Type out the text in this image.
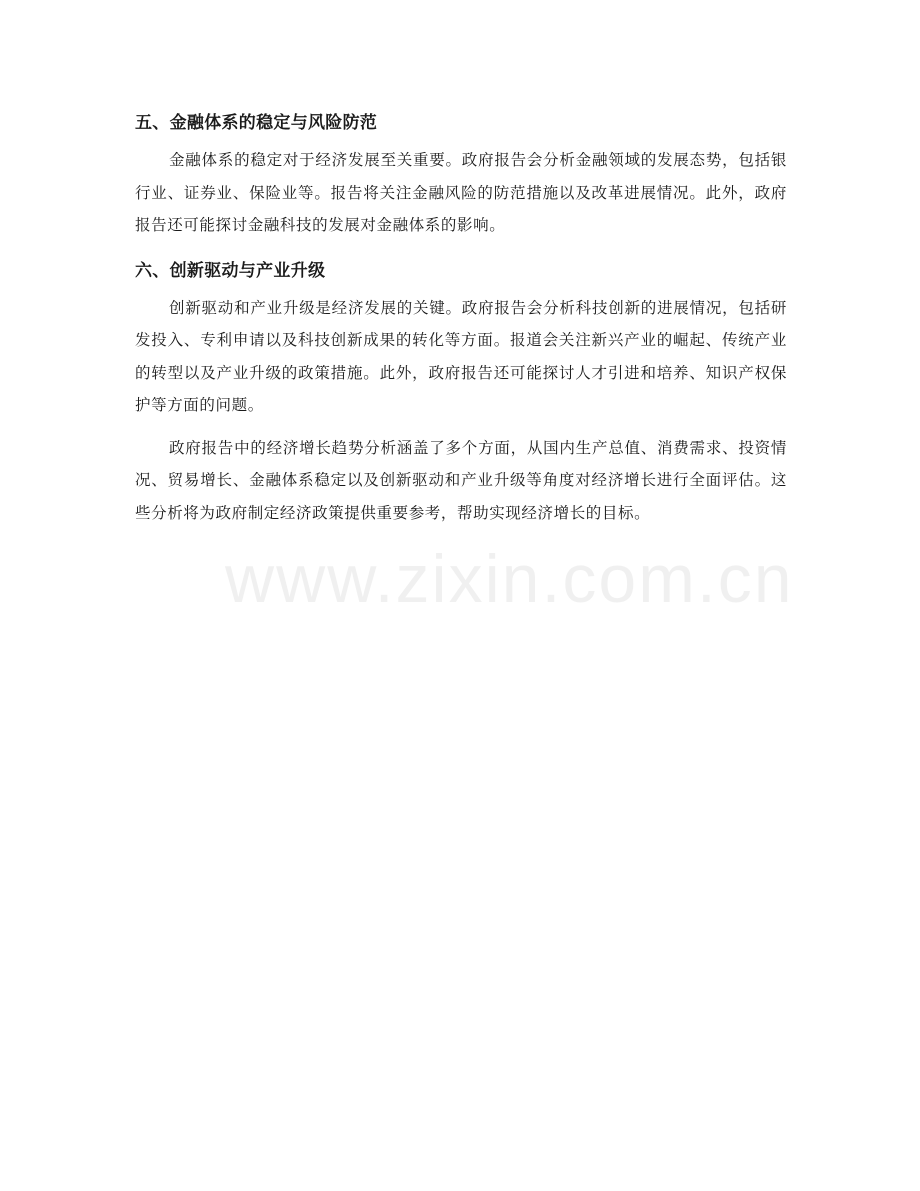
五、金融体系的稳定与风险防范

金融体系的稳定对于经济发展至关重要。政府报告会分析金融领域的发展态势，包括银行业、证券业、保险业等。报告将关注金融风险的防范措施以及改革进展情况。此外，政府报告还可能探讨金融科技的发展对金融体系的影响。

六、创新驱动与产业升级

创新驱动和产业升级是经济发展的关键。政府报告会分析科技创新的进展情况，包括研发投入、专利申请以及科技创新成果的转化等方面。报道会关注新兴产业的崛起、传统产业的转型以及产业升级的政策措施。此外，政府报告还可能探讨人才引进和培养、知识产权保护等方面的问题。

政府报告中的经济增长趋势分析涵盖了多个方面，从国内生产总值、消费需求、投资情况、贸易增长、金融体系稳定以及创新驱动和产业升级等角度对经济增长进行全面评估。这些分析将为政府制定经济政策提供重要参考，帮助实现经济增长的目标。

www.zixin.com.cn
